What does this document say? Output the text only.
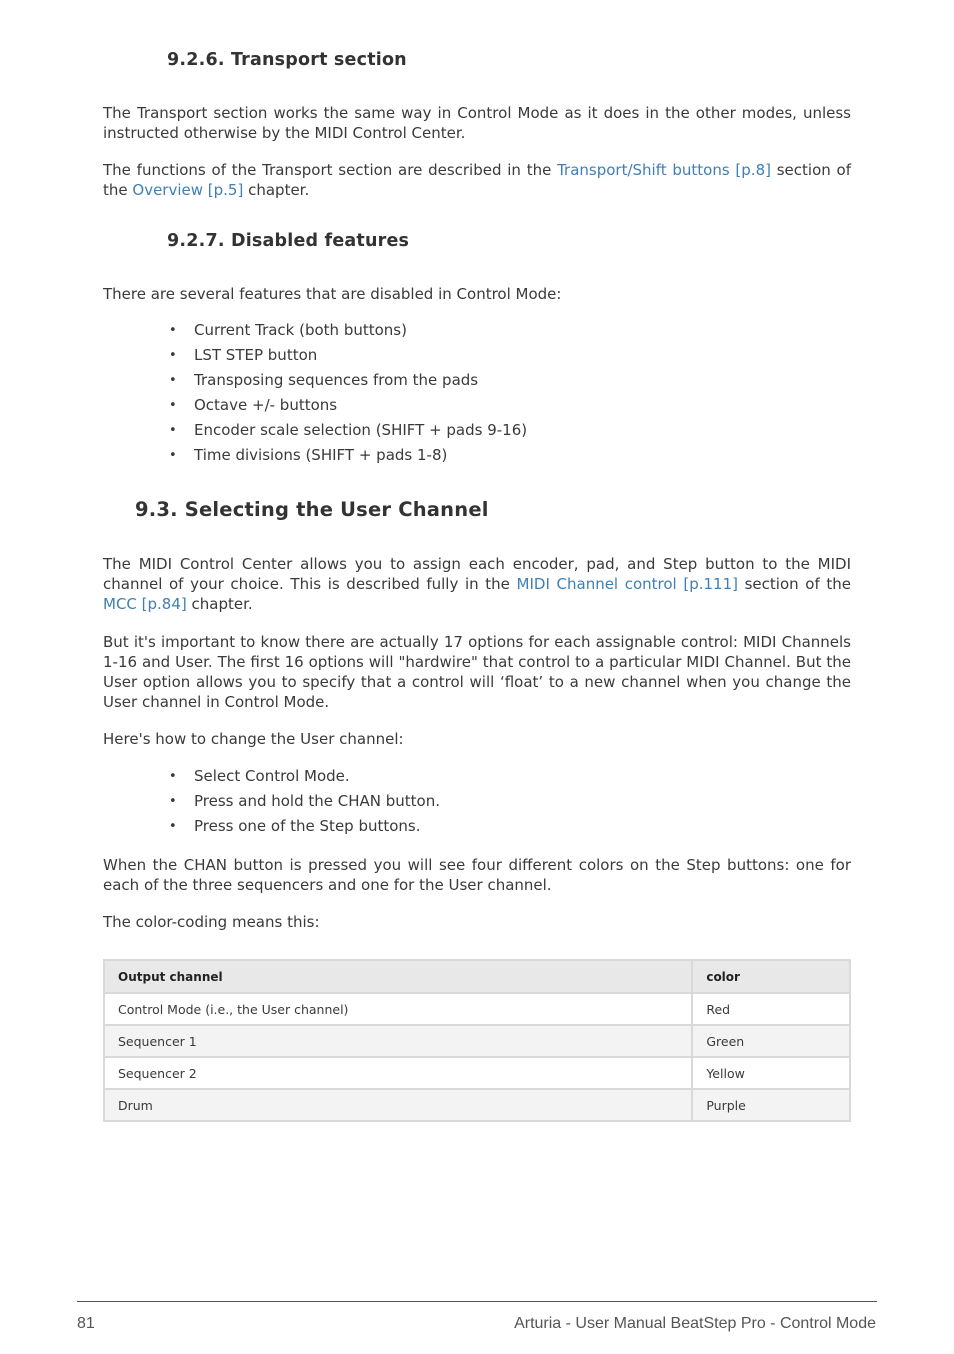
9.2.6. Transport section

The Transport section works the same way in Control Mode as it does in the other modes, unless instructed otherwise by the MIDI Control Center.

The functions of the Transport section are described in the Transport/Shift buttons [p.8] section of the Overview [p.5] chapter.

9.2.7. Disabled features

There are several features that are disabled in Control Mode:

• Current Track (both buttons)
• LST STEP button
• Transposing sequences from the pads
• Octave +/- buttons
• Encoder scale selection (SHIFT + pads 9-16)
• Time divisions (SHIFT + pads 1-8)
9.3. Selecting the User Channel

The MIDI Control Center allows you to assign each encoder, pad, and Step button to the MIDI channel of your choice. This is described fully in the MIDI Channel control [p.111] section of the MCC [p.84] chapter.

But it's important to know there are actually 17 options for each assignable control: MIDI Channels 1-16 and User. The first 16 options will "hardwire" that control to a particular MIDI Channel. But the User option allows you to specify that a control will ‘float’ to a new channel when you change the User channel in Control Mode.

Here's how to change the User channel:

• Select Control Mode.
• Press and hold the CHAN button.
• Press one of the Step buttons.

When the CHAN button is pressed you will see four different colors on the Step buttons: one for each of the three sequencers and one for the User channel.

The color-coding means this:

Output channel	color
Control Mode (i.e., the User channel)	Red
Sequencer 1	Green
Sequencer 2	Yellow
Drum	Purple
81	Arturia - User Manual BeatStep Pro - Control Mode
